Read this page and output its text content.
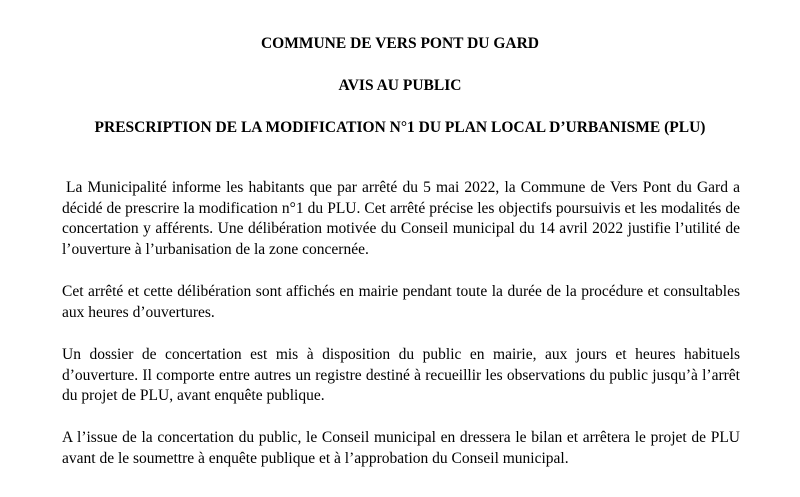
COMMUNE DE VERS PONT DU GARD
AVIS AU PUBLIC
PRESCRIPTION DE LA MODIFICATION N°1 DU PLAN LOCAL D’URBANISME (PLU)

La Municipalité informe les habitants que par arrêté du 5 mai 2022, la Commune de Vers Pont du Gard a décidé de prescrire la modification n°1 du PLU. Cet arrêté précise les objectifs poursuivis et les modalités de concertation y afférents. Une délibération motivée du Conseil municipal du 14 avril 2022 justifie l’utilité de l’ouverture à l’urbanisation de la zone concernée.

Cet arrêté et cette délibération sont affichés en mairie pendant toute la durée de la procédure et consultables aux heures d’ouvertures.

Un dossier de concertation est mis à disposition du public en mairie, aux jours et heures habituels d’ouverture. Il comporte entre autres un registre destiné à recueillir les observations du public jusqu’à l’arrêt du projet de PLU, avant enquête publique.

A l’issue de la concertation du public, le Conseil municipal en dressera le bilan et arrêtera le projet de PLU avant de le soumettre à enquête publique et à l’approbation du Conseil municipal.
